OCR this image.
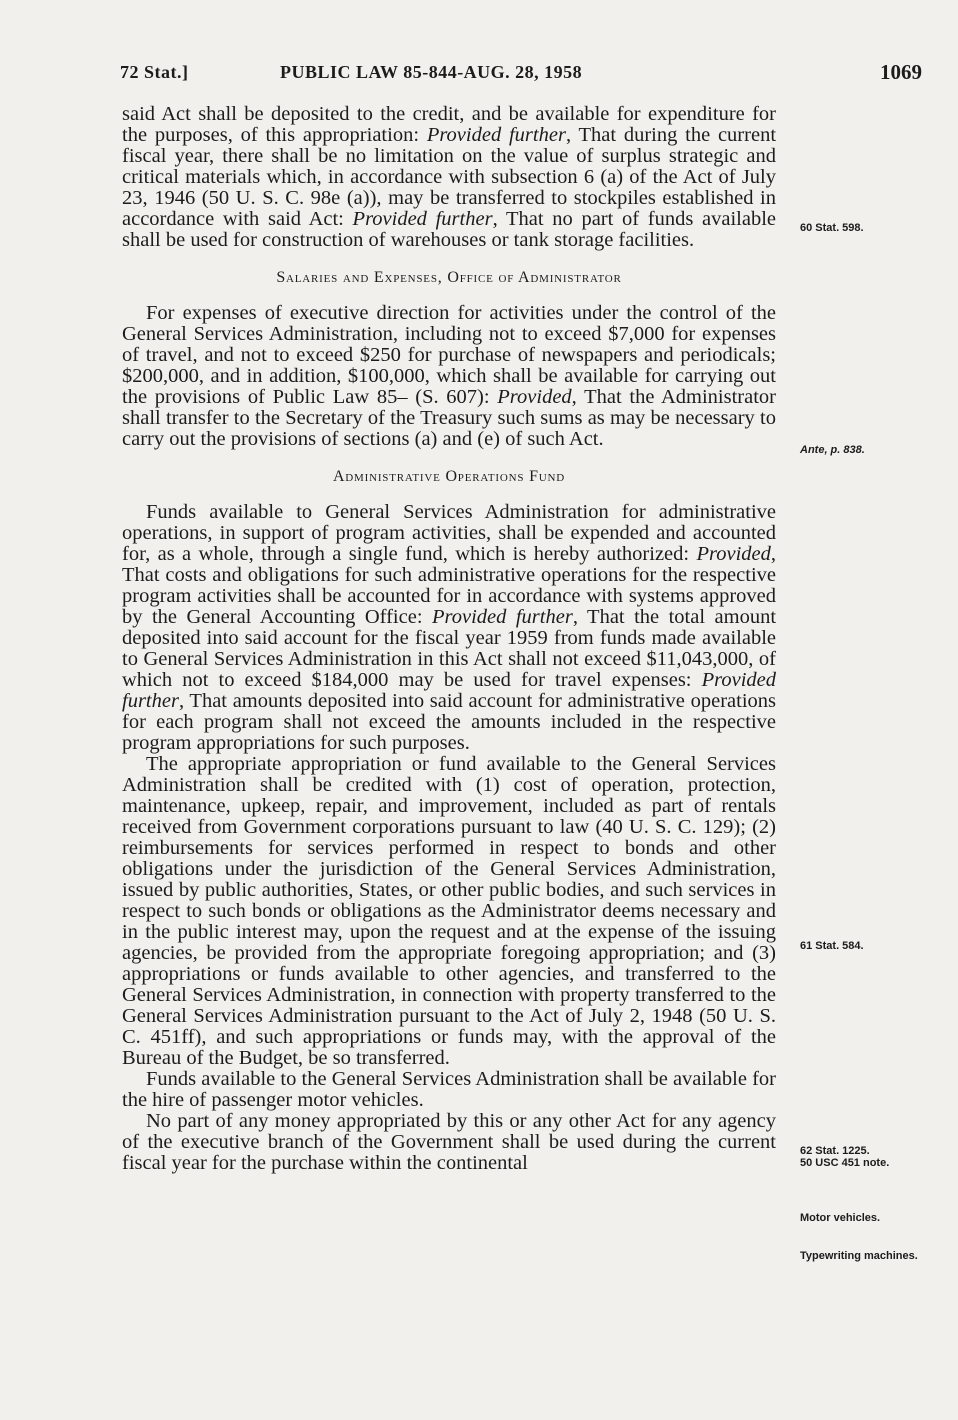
72 Stat.]	PUBLIC LAW 85-844-AUG. 28, 1958	1069

said Act shall be deposited to the credit, and be available for expenditure for the purposes, of this appropriation: Provided further, That during the current fiscal year, there shall be no limitation on the value of surplus strategic and critical materials which, in accordance with subsection 6 (a) of the Act of July 23, 1946 (50 U. S. C. 98e (a)), may be transferred to stockpiles established in accordance with said Act: Provided further, That no part of funds available shall be used for construction of warehouses or tank storage facilities.

Salaries and Expenses, Office of Administrator

For expenses of executive direction for activities under the control of the General Services Administration, including not to exceed $7,000 for expenses of travel, and not to exceed $250 for purchase of newspapers and periodicals; $200,000, and in addition, $100,000, which shall be available for carrying out the provisions of Public Law 85– (S. 607): Provided, That the Administrator shall transfer to the Secretary of the Treasury such sums as may be necessary to carry out the provisions of sections (a) and (e) of such Act.

Administrative Operations Fund

Funds available to General Services Administration for administrative operations, in support of program activities, shall be expended and accounted for, as a whole, through a single fund, which is hereby authorized: Provided, That costs and obligations for such administrative operations for the respective program activities shall be accounted for in accordance with systems approved by the General Accounting Office: Provided further, That the total amount deposited into said account for the fiscal year 1959 from funds made available to General Services Administration in this Act shall not exceed $11,043,000, of which not to exceed $184,000 may be used for travel expenses: Provided further, That amounts deposited into said account for administrative operations for each program shall not exceed the amounts included in the respective program appropriations for such purposes.

The appropriate appropriation or fund available to the General Services Administration shall be credited with (1) cost of operation, protection, maintenance, upkeep, repair, and improvement, included as part of rentals received from Government corporations pursuant to law (40 U. S. C. 129); (2) reimbursements for services performed in respect to bonds and other obligations under the jurisdiction of the General Services Administration, issued by public authorities, States, or other public bodies, and such services in respect to such bonds or obligations as the Administrator deems necessary and in the public interest may, upon the request and at the expense of the issuing agencies, be provided from the appropriate foregoing appropriation; and (3) appropriations or funds available to other agencies, and transferred to the General Services Administration, in connection with property transferred to the General Services Administration pursuant to the Act of July 2, 1948 (50 U. S. C. 451ff), and such appropriations or funds may, with the approval of the Bureau of the Budget, be so transferred.

Funds available to the General Services Administration shall be available for the hire of passenger motor vehicles.

No part of any money appropriated by this or any other Act for any agency of the executive branch of the Government shall be used during the current fiscal year for the purchase within the continental

60 Stat. 598.
Ante, p. 838.
61 Stat. 584.
62 Stat. 1225.
50 USC 451 note.
Motor vehicles.
Typewriting machines.
